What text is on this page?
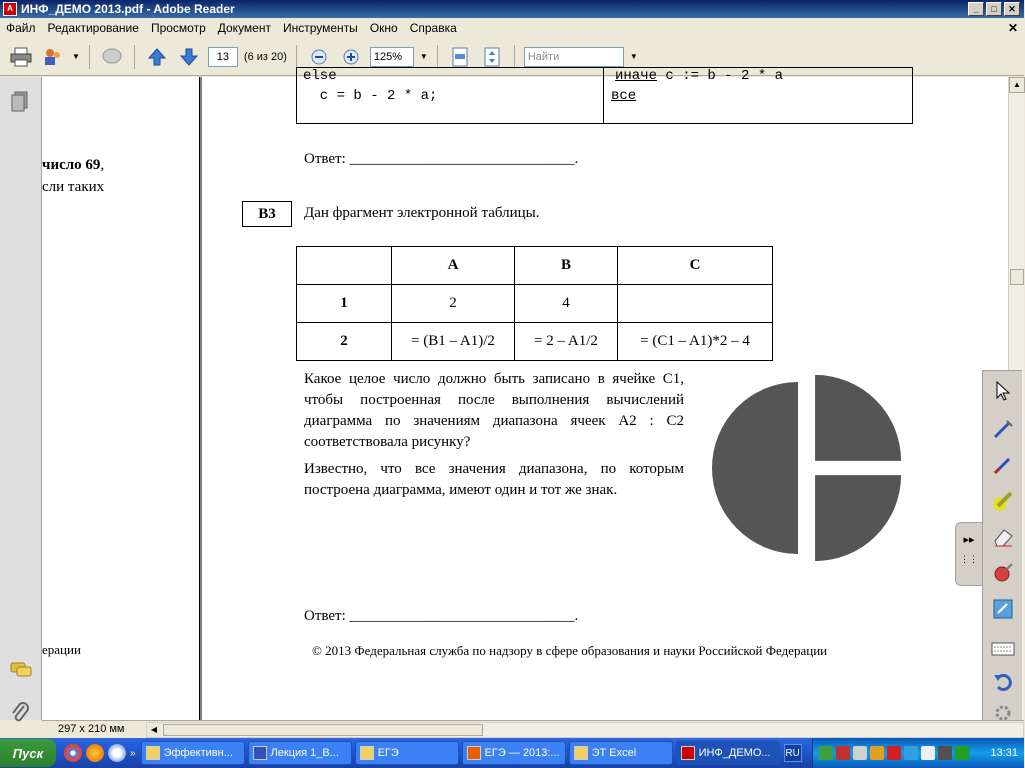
A ИНФ_ДЕМО 2013.pdf - Adobe Reader	_	□	✕
Файл	Редактирование	Просмотр	Документ	Инструменты	Окно	Справка	✕
▼	13	(6 из 20)	125%	▼	Найти	▼
число 69,
сли таких
ерации
else
c = b - 2 * a;
иначе c := b - 2 * a
все
Ответ: ______________________________.
В3	Дан фрагмент электронной таблицы.
	A	B	C
1	2	4	
2	= (B1 – A1)/2	= 2 – A1/2	= (C1 – A1)*2 – 4

Какое целое число должно быть записано в ячейке C1, чтобы построенная после выполнения вычислений диаграмма по значениям диапазона ячеек A2 : C2 соответствовала рисунку?

Известно, что все значения диапазона, по которым построена диаграмма, имеют один и тот же знак.

Ответ: ______________________________.
© 2013 Федеральная служба по надзору в сфере образования и науки Российской Федерации
▲
▸▸
⋮⋮
297 x 210 мм	◀
Пуск	»	Эффективн...	Лекция 1_В...	ЕГЭ	ЕГЭ — 2013:...	ЭТ Excel	ИНФ_ДЕМО... RU	13:31
